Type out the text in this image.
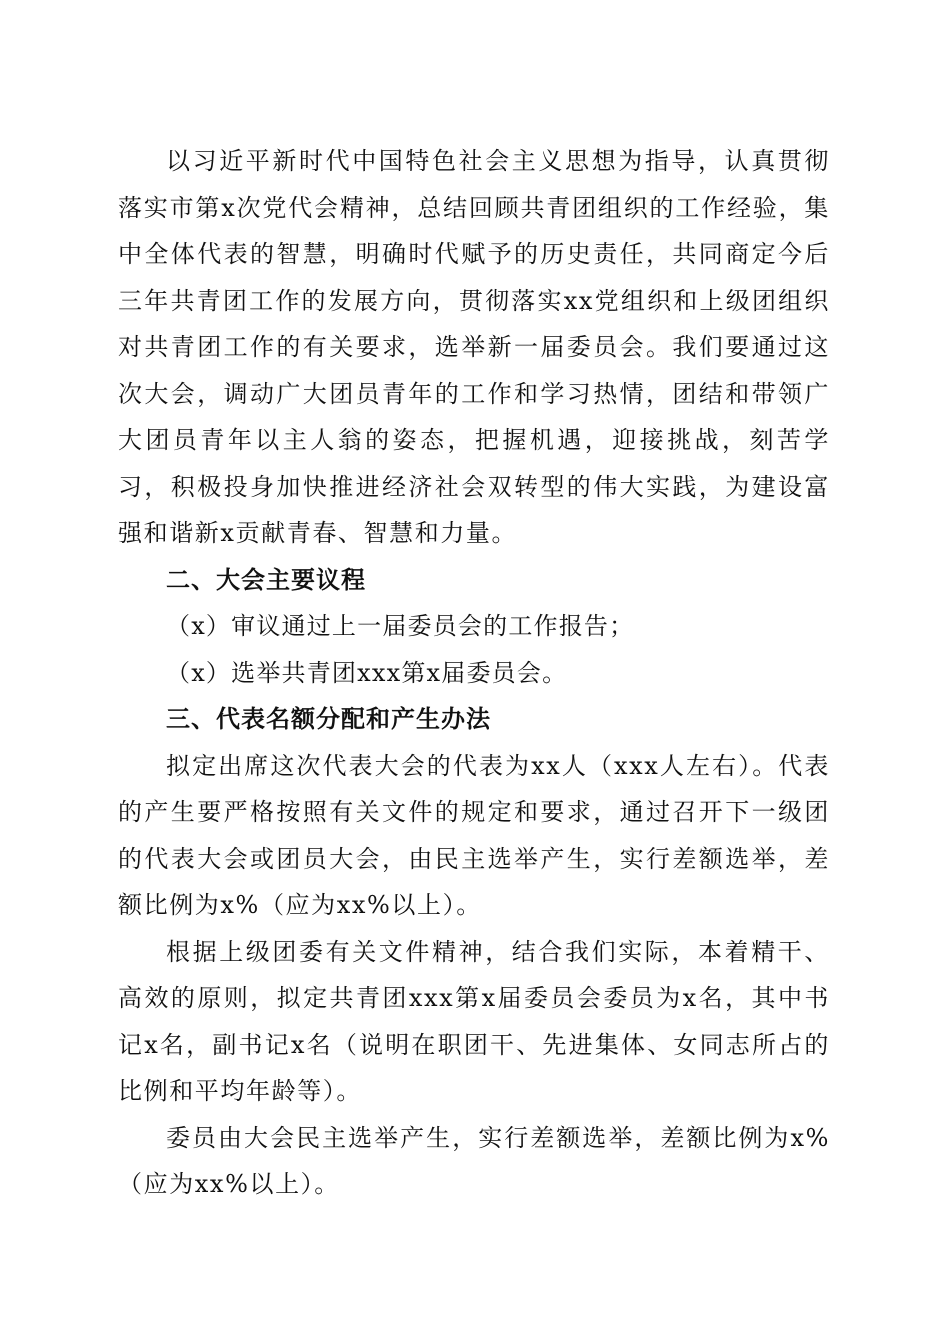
以习近平新时代中国特色社会主义思想为指导，认真贯彻落实市第x次党代会精神，总结回顾共青团组织的工作经验，集中全体代表的智慧，明确时代赋予的历史责任，共同商定今后三年共青团工作的发展方向，贯彻落实xx党组织和上级团组织对共青团工作的有关要求，选举新一届委员会。我们要通过这次大会，调动广大团员青年的工作和学习热情，团结和带领广大团员青年以主人翁的姿态，把握机遇，迎接挑战，刻苦学习，积极投身加快推进经济社会双转型的伟大实践，为建设富强和谐新x贡献青春、智慧和力量。

二、大会主要议程

（x）审议通过上一届委员会的工作报告；

（x）选举共青团xxx第x届委员会。

三、代表名额分配和产生办法

拟定出席这次代表大会的代表为xx人（xxx人左右）。代表的产生要严格按照有关文件的规定和要求，通过召开下一级团的代表大会或团员大会，由民主选举产生，实行差额选举，差额比例为x%（应为xx%以上）。

根据上级团委有关文件精神，结合我们实际，本着精干、高效的原则，拟定共青团xxx第x届委员会委员为x名，其中书记x名，副书记x名（说明在职团干、先进集体、女同志所占的比例和平均年龄等）。

委员由大会民主选举产生，实行差额选举，差额比例为x%（应为xx%以上）。
